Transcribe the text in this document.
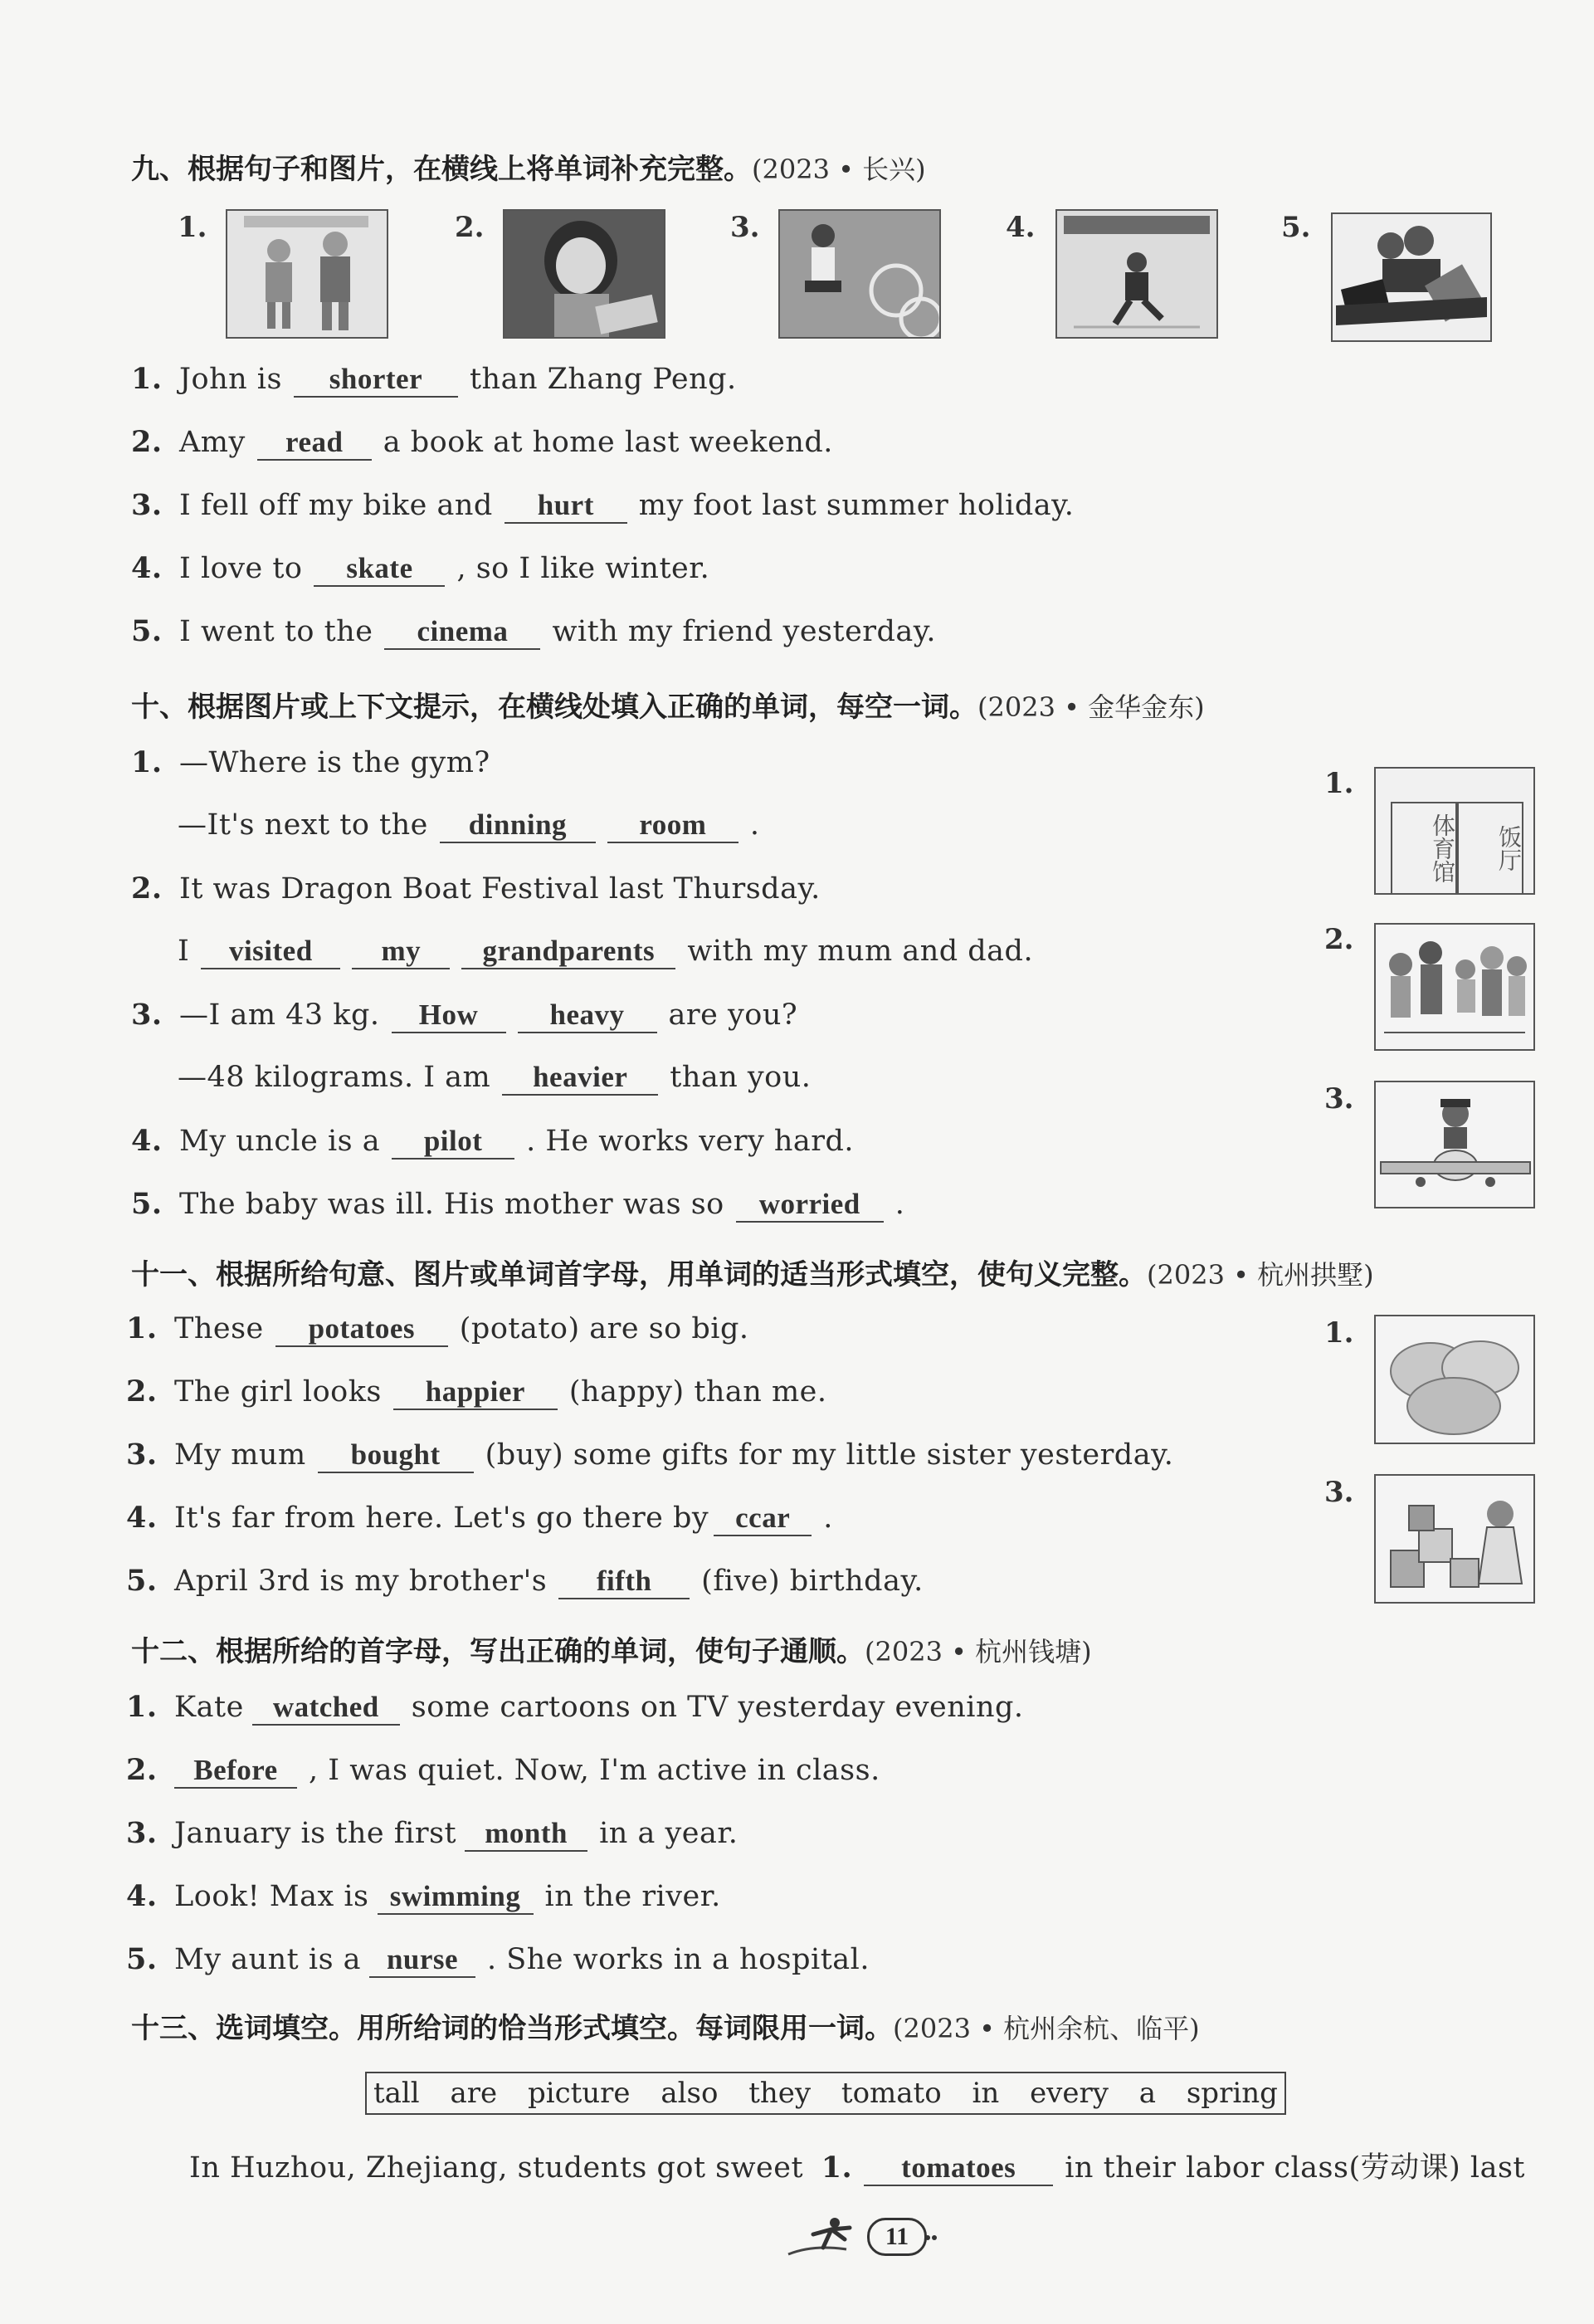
九、根据句子和图片，在横线上将单词补充完整。(2023 • 长兴)
1.	2.	3.	4.	5.
1. John is shorter than Zhang Peng.
2. Amy read a book at home last weekend.
3. I fell off my bike and hurt my foot last summer holiday.
4. I love to skate , so I like winter.
5. I went to the cinema with my friend yesterday.
十、根据图片或上下文提示，在横线处填入正确的单词，每空一词。(2023 • 金华金东)
1. —Where is the gym?
—It's next to the dinning room .
2. It was Dragon Boat Festival last Thursday.
I visited my grandparents with my mum and dad.
3. —I am 43 kg. How heavy are you?
—48 kilograms. I am heavier than you.
4. My uncle is a pilot . He works very hard.
5. The baby was ill. His mother was so worried .
1.
体育馆	饭厅
2.
3.
十一、根据所给句意、图片或单词首字母，用单词的适当形式填空，使句义完整。(2023 • 杭州拱墅)
1. These potatoes (potato) are so big.
2. The girl looks happier (happy) than me.
3. My mum bought (buy) some gifts for my little sister yesterday.
4. It's far from here. Let's go there by ccar .
5. April 3rd is my brother's fifth (five) birthday.
1.
3.
十二、根据所给的首字母，写出正确的单词，使句子通顺。(2023 • 杭州钱塘)
1. Kate watched some cartoons on TV yesterday evening.
2. Before , I was quiet. Now, I'm active in class.
3. January is the first month in a year.
4. Look! Max is swimming in the river.
5. My aunt is a nurse . She works in a hospital.
十三、选词填空。用所给词的恰当形式填空。每词限用一词。(2023 • 杭州余杭、临平)
tall are picture also they tomato in every a spring
In Huzhou, Zhejiang, students got sweet 1. tomatoes in their labor class(劳动课) last
11
